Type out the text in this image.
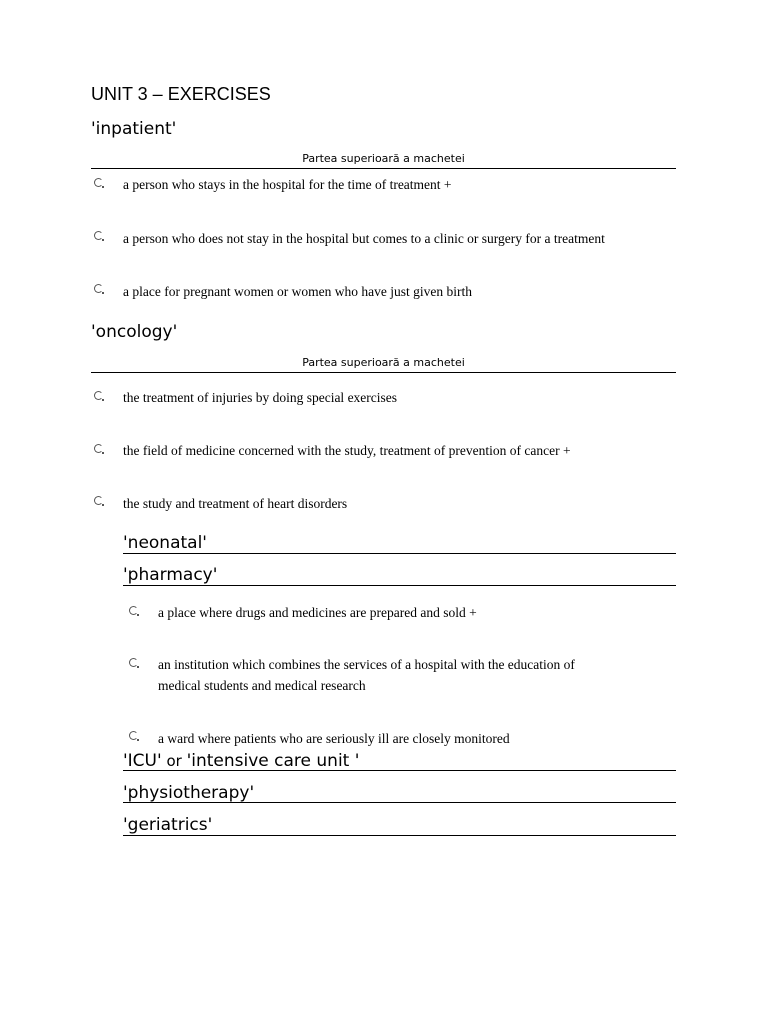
UNIT 3 – EXERCISES
'inpatient'
Partea superioară a machetei
a person who stays in the hospital for the time of treatment +
a person who does not stay in the hospital but comes to a clinic or surgery for a treatment
a place for pregnant women or women who have just given birth
'oncology'
Partea superioară a machetei
the treatment of injuries by doing special exercises
the field of medicine concerned with the study, treatment of prevention of cancer +
the study and treatment of heart disorders
'neonatal'
'pharmacy'
a place where drugs and medicines are prepared and sold +
an institution which combines the services of a hospital with the education of
medical students and medical research
a ward where patients who are seriously ill are closely monitored
'ICU' or 'intensive care unit '
'physiotherapy'
'geriatrics'
